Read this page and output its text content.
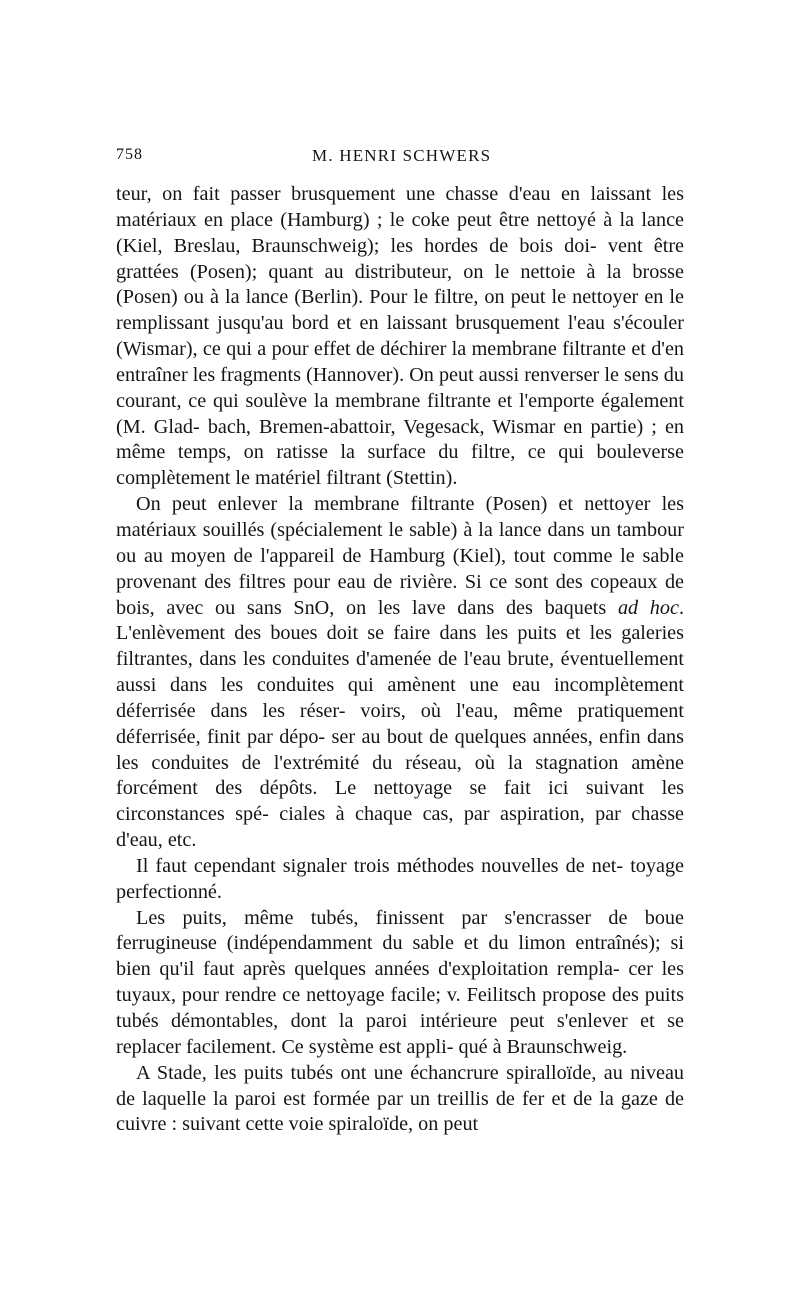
758	M. HENRI SCHWERS

teur, on fait passer brusquement une chasse d'eau en laissant les matériaux en place (Hamburg) ; le coke peut être nettoyé à la lance (Kiel, Breslau, Braunschweig); les hordes de bois doi- vent être grattées (Posen); quant au distributeur, on le nettoie à la brosse (Posen) ou à la lance (Berlin). Pour le filtre, on peut le nettoyer en le remplissant jusqu'au bord et en laissant brusquement l'eau s'écouler (Wismar), ce qui a pour effet de déchirer la membrane filtrante et d'en entraîner les fragments (Hannover). On peut aussi renverser le sens du courant, ce qui soulève la membrane filtrante et l'emporte également (M. Glad- bach, Bremen-abattoir, Vegesack, Wismar en partie) ; en même temps, on ratisse la surface du filtre, ce qui bouleverse complètement le matériel filtrant (Stettin).

On peut enlever la membrane filtrante (Posen) et nettoyer les matériaux souillés (spécialement le sable) à la lance dans un tambour ou au moyen de l'appareil de Hamburg (Kiel), tout comme le sable provenant des filtres pour eau de rivière. Si ce sont des copeaux de bois, avec ou sans SnO, on les lave dans des baquets ad hoc. L'enlèvement des boues doit se faire dans les puits et les galeries filtrantes, dans les conduites d'amenée de l'eau brute, éventuellement aussi dans les conduites qui amènent une eau incomplètement déferrisée dans les réser- voirs, où l'eau, même pratiquement déferrisée, finit par dépo- ser au bout de quelques années, enfin dans les conduites de l'extrémité du réseau, où la stagnation amène forcément des dépôts. Le nettoyage se fait ici suivant les circonstances spé- ciales à chaque cas, par aspiration, par chasse d'eau, etc.

Il faut cependant signaler trois méthodes nouvelles de net- toyage perfectionné.

Les puits, même tubés, finissent par s'encrasser de boue ferrugineuse (indépendamment du sable et du limon entraînés); si bien qu'il faut après quelques années d'exploitation rempla- cer les tuyaux, pour rendre ce nettoyage facile; v. Feilitsch propose des puits tubés démontables, dont la paroi intérieure peut s'enlever et se replacer facilement. Ce système est appli- qué à Braunschweig.

A Stade, les puits tubés ont une échancrure spiralloïde, au niveau de laquelle la paroi est formée par un treillis de fer et de la gaze de cuivre : suivant cette voie spiraloïde, on peut
